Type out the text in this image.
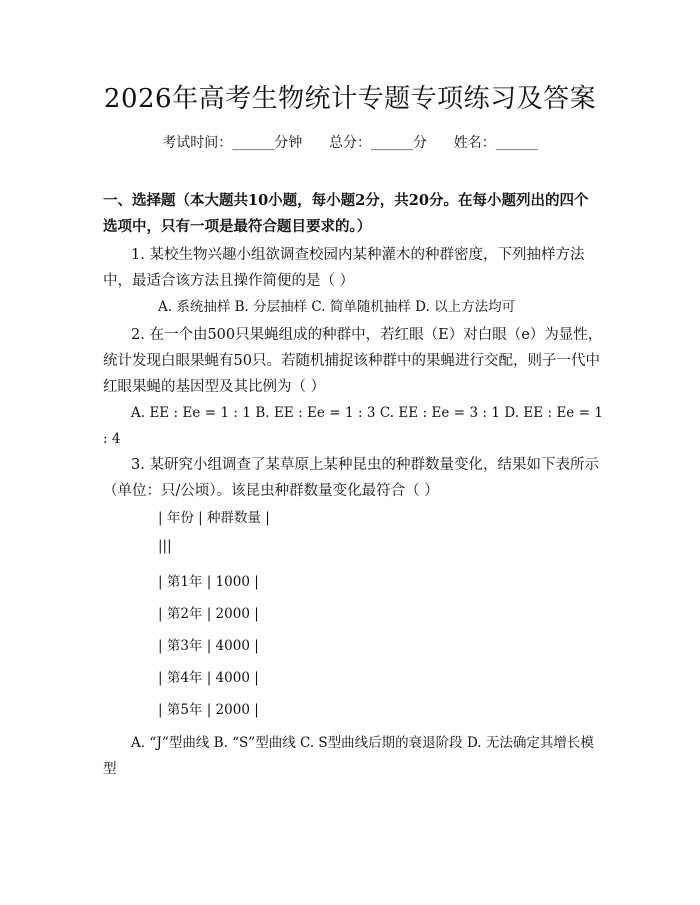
2026年高考生物统计专题专项练习及答案
考试时间：______分钟      总分：______分      姓名：______
一、选择题（本大题共10小题，每小题2分，共20分。在每小题列出的四个选项中，只有一项是最符合题目要求的。）
1. 某校生物兴趣小组欲调查校园内某种灌木的种群密度，下列抽样方法中，最适合该方法且操作简便的是（ ）
A. 系统抽样 B. 分层抽样 C. 简单随机抽样 D. 以上方法均可
2. 在一个由500只果蝇组成的种群中，若红眼（E）对白眼（e）为显性，统计发现白眼果蝇有50只。若随机捕捉该种群中的果蝇进行交配，则子一代中红眼果蝇的基因型及其比例为（ ）
A. EE : Ee = 1 : 1 B. EE : Ee = 1 : 3 C. EE : Ee = 3 : 1 D. EE : Ee = 1 : 4
3. 某研究小组调查了某草原上某种昆虫的种群数量变化，结果如下表所示（单位：只/公顷）。该昆虫种群数量变化最符合（ ）
| 年份 | 种群数量 |
|||
| 第1年 | 1000 |
| 第2年 | 2000 |
| 第3年 | 4000 |
| 第4年 | 4000 |
| 第5年 | 2000 |
A. “J”型曲线 B. “S”型曲线 C. S型曲线后期的衰退阶段 D. 无法确定其增长模型
